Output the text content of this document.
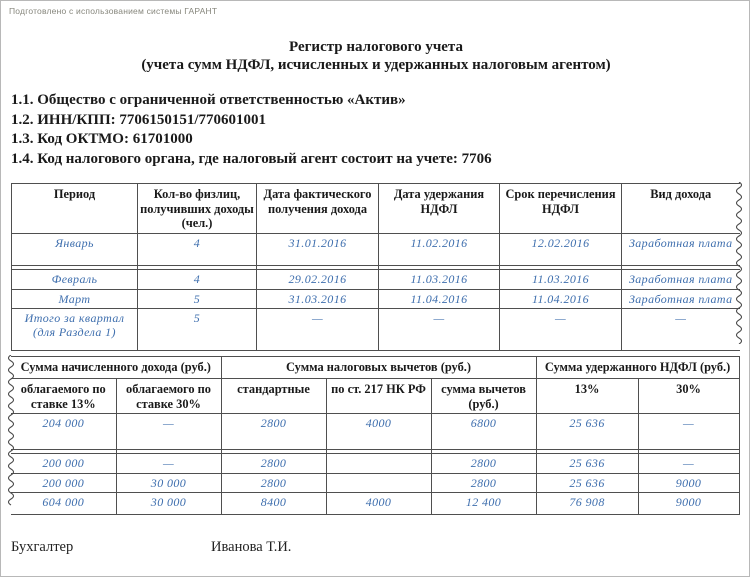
Подготовлено с использованием системы ГАРАНТ
Регистр налогового учета
(учета сумм НДФЛ, исчисленных и удержанных налоговым агентом)
1.1. Общество с ограниченной ответственностью «Актив»
1.2. ИНН/КПП: 7706150151/770601001
1.3. Код ОКТМО: 61701000
1.4. Код налогового органа, где налоговый агент состоит на учете: 7706
Период	Кол-во физлиц, получивших доходы (чел.)	Дата фактического получения дохода	Дата удержания НДФЛ	Срок перечисления НДФЛ	Вид дохода
Январь	4	31.01.2016	11.02.2016	12.02.2016	Заработная плата

Февраль	4	29.02.2016	11.03.2016	11.03.2016	Заработная плата
Март	5	31.03.2016	11.04.2016	11.04.2016	Заработная плата
Итого за квартал (для Раздела 1)	5	—	—	—	—
Сумма начисленного дохода (руб.)		Сумма налоговых вычетов (руб.)			Сумма удержанного НДФЛ (руб.)	
облагаемого по ставке 13%	облагаемого по ставке 30%	стандартные	по ст. 217 НК РФ	сумма вычетов (руб.)	13%	30%
204 000	—	2800	4000	6800	25 636	—

200 000	—	2800		2800	25 636	—
200 000	30 000	2800		2800	25 636	9000
604 000	30 000	8400	4000	12 400	76 908	9000
Бухгалтер	Иванова Т.И.
